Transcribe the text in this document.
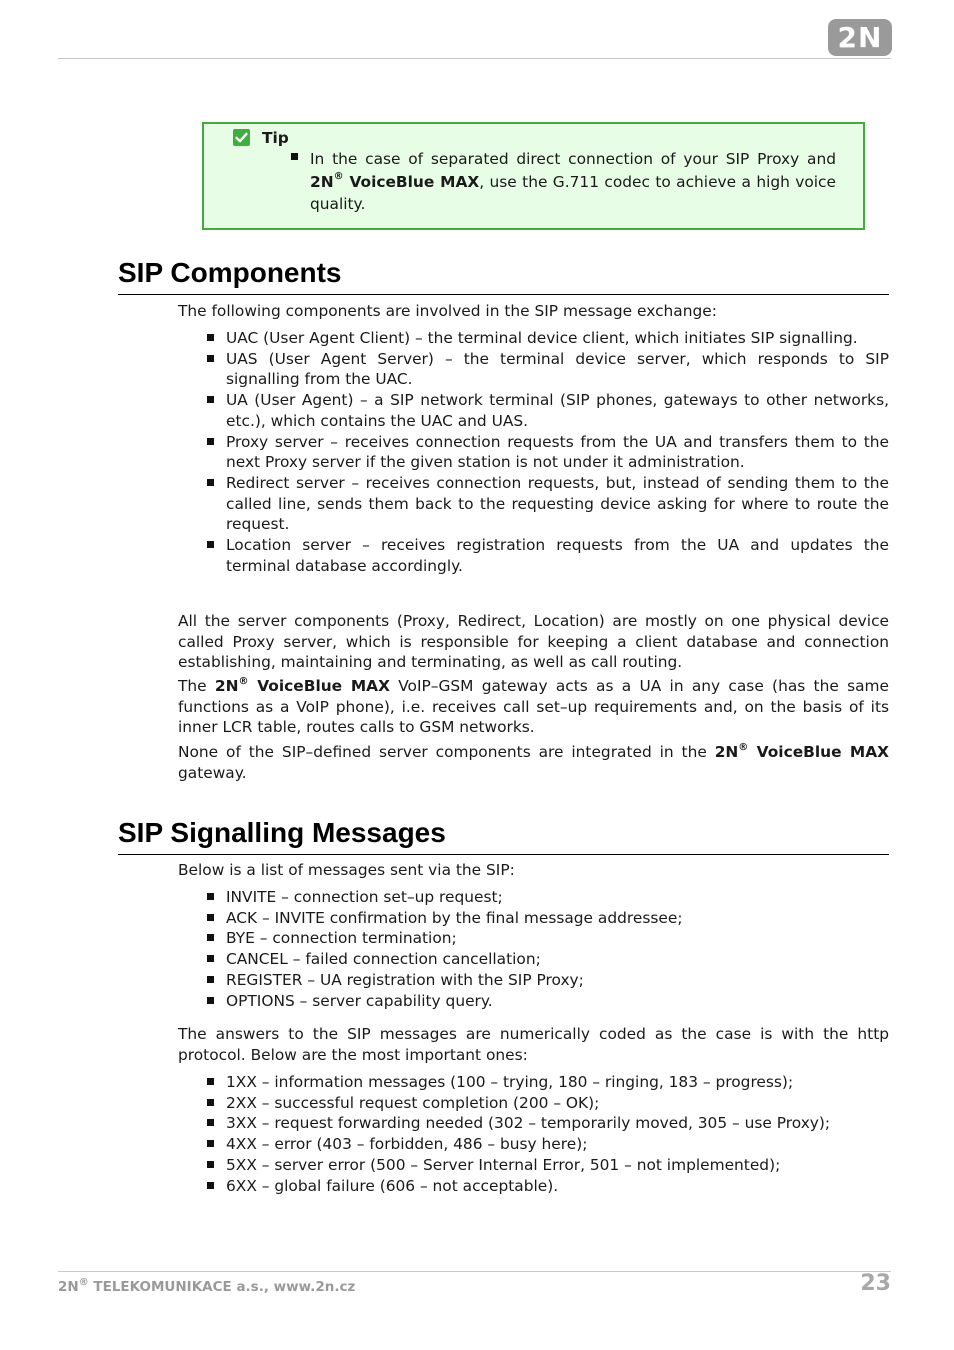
2N
Tip
In the case of separated direct connection of your SIP Proxy and 2N® VoiceBlue MAX, use the G.711 codec to achieve a high voice quality.
SIP Components
The following components are involved in the SIP message exchange:
UAC (User Agent Client) – the terminal device client, which initiates SIP signalling.
UAS (User Agent Server) – the terminal device server, which responds to SIP signalling from the UAC.
UA (User Agent) – a SIP network terminal (SIP phones, gateways to other networks, etc.), which contains the UAC and UAS.
Proxy server – receives connection requests from the UA and transfers them to the next Proxy server if the given station is not under it administration.
Redirect server – receives connection requests, but, instead of sending them to the called line, sends them back to the requesting device asking for where to route the request.
Location server – receives registration requests from the UA and updates the terminal database accordingly.
All the server components (Proxy, Redirect, Location) are mostly on one physical device called Proxy server, which is responsible for keeping a client database and connection establishing, maintaining and terminating, as well as call routing.
The 2N® VoiceBlue MAX VoIP–GSM gateway acts as a UA in any case (has the same functions as a VoIP phone), i.e. receives call set–up requirements and, on the basis of its inner LCR table, routes calls to GSM networks.
None of the SIP–defined server components are integrated in the 2N® VoiceBlue MAX gateway.
SIP Signalling Messages
Below is a list of messages sent via the SIP:
INVITE – connection set–up request;
ACK – INVITE confirmation by the final message addressee;
BYE – connection termination;
CANCEL – failed connection cancellation;
REGISTER – UA registration with the SIP Proxy;
OPTIONS – server capability query.
The answers to the SIP messages are numerically coded as the case is with the http protocol. Below are the most important ones:
1XX – information messages (100 – trying, 180 – ringing, 183 – progress);
2XX – successful request completion (200 – OK);
3XX – request forwarding needed (302 – temporarily moved, 305 – use Proxy);
4XX – error (403 – forbidden, 486 – busy here);
5XX – server error (500 – Server Internal Error, 501 – not implemented);
6XX – global failure (606 – not acceptable).
2N® TELEKOMUNIKACE a.s., www.2n.cz	23
